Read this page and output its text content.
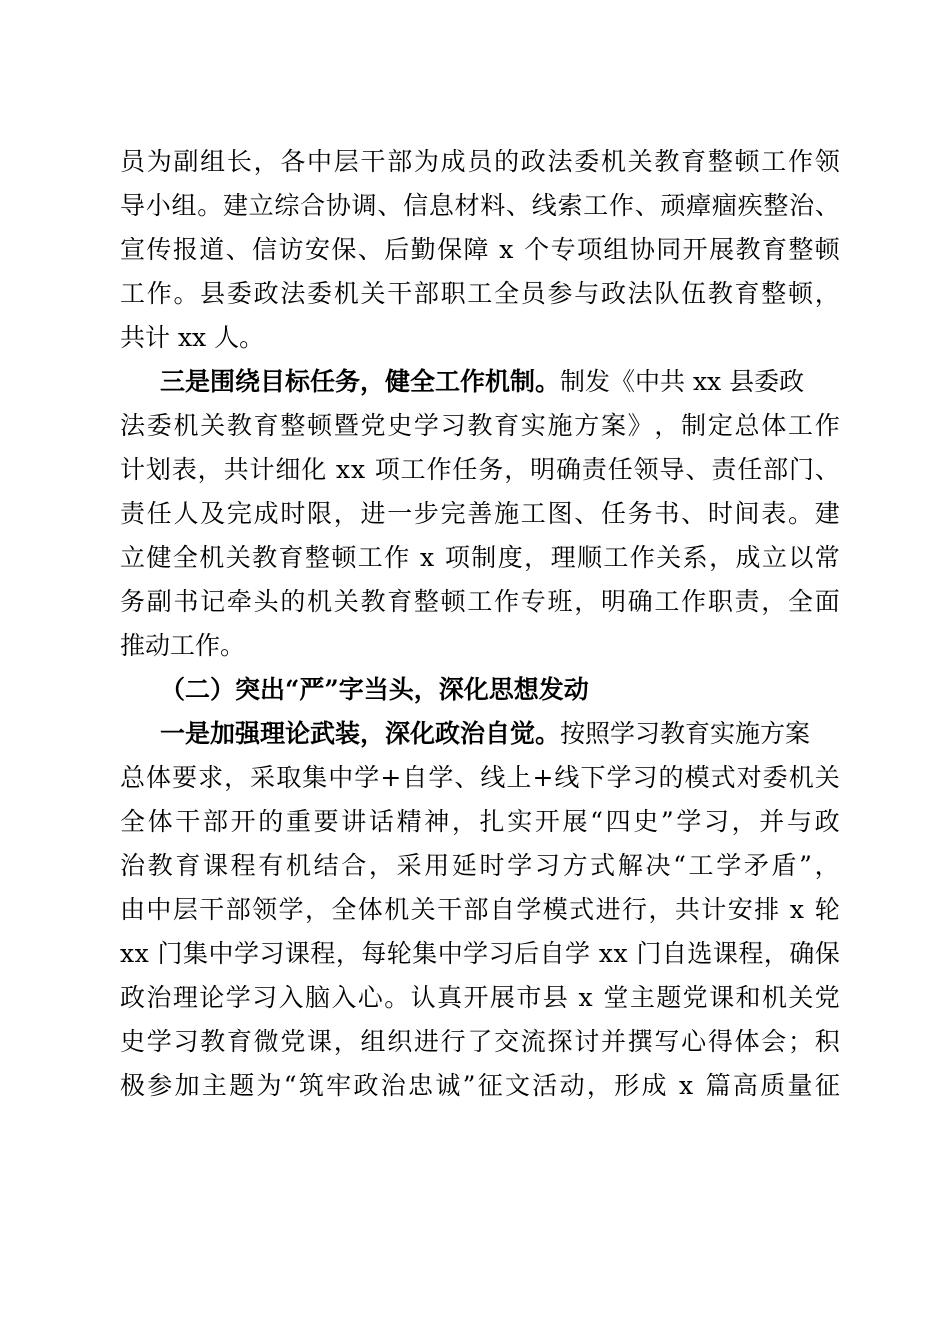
员 为 副 组 长 ， 各 中 层 干 部 为 成 员 的 政 法 委 机 关 教 育 整 顿 工 作 领
导 小 组 。 建 立 综 合 协 调 、 信 息 材 料 、 线 索 工 作 、 顽 瘴 痼 疾 整 治 、
宣 传 报 道 、 信 访 安 保 、 后 勤 保 障
x
个 专 项 组 协 同 开 展 教 育 整 顿
工 作 。 县 委 政 法 委 机 关 干 部 职 工 全 员 参 与 政 法 队 伍 教 育 整 顿 ，
共计 xx 人。
三是围绕目标任务，健全工作机制。 制发《中共 xx 县委政
法 委 机 关 教 育 整 顿 暨 党 史 学 习 教 育 实 施 方 案 》 ， 制 定 总 体 工 作
计 划 表 ， 共 计 细 化
x x
项 工 作 任 务 ， 明 确 责 任 领 导 、 责 任 部 门 、
责 任 人 及 完 成 时 限 ， 进 一 步 完 善 施 工 图 、 任 务 书 、 时 间 表 。 建
立 健 全 机 关 教 育 整 顿 工 作
x
项 制 度 ， 理 顺 工 作 关 系 ， 成 立 以 常
务 副 书 记 牵 头 的 机 关 教 育 整 顿 工 作 专 班 ， 明 确 工 作 职 责 ， 全 面
推动工作。
（二）突出“严”字当头，深化思想发动
一是加强理论武装，深化政治自觉。 按照学习教育实施方案
总 体 要 求 ， 采 取 集 中 学 + 自 学 、 线 上 + 线 下 学 习 的 模 式 对 委 机 关
全 体 干 部 开 的 重 要 讲 话 精 神 ， 扎 实 开 展 “ 四 史 ” 学 习 ， 并 与 政
治 教 育 课 程 有 机 结 合 ， 采 用 延 时 学 习 方 式 解 决 “ 工 学 矛 盾 ” ，
由 中 层 干 部 领 学 ， 全 体 机 关 干 部 自 学 模 式 进 行 ， 共 计 安 排
x
轮
x x
门 集 中 学 习 课 程 ， 每 轮 集 中 学 习 后 自 学
x x
门 自 选 课 程 ， 确 保
政 治 理 论 学 习 入 脑 入 心 。 认 真 开 展 市 县
x
堂 主 题 党 课 和 机 关 党
史 学 习 教 育 微 党 课 ， 组 织 进 行 了 交 流 探 讨 并 撰 写 心 得 体 会 ； 积
极 参 加 主 题 为 “ 筑 牢 政 治 忠 诚 ” 征 文 活 动 ， 形 成
x
篇 高 质 量 征
